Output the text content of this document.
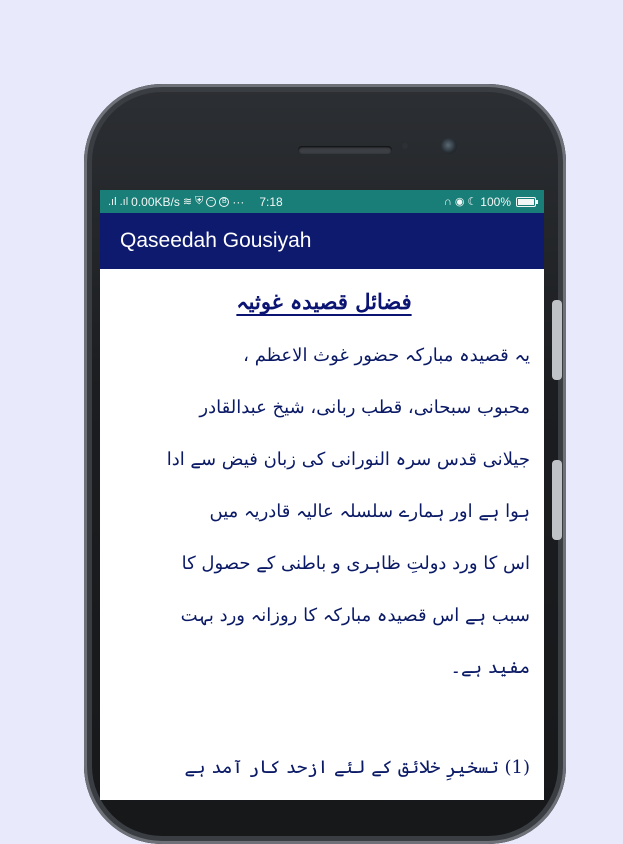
.ıl .ıl 0.00KB/s ≋ ⛨ ~	B ··· 7:18	∩ ◉ ☾ 100%
Qaseedah Gousiyah
فضائل قصیدہ غوثیہ
یہ قصیدہ مبارکہ حضور غوث الاعظم ،
محبوب سبحانی، قطب ربانی، شیخ عبدالقادر
جیلانی قدس سرہ النورانی کی زبان فیض سے ادا
ہوا ہے اور ہمارے سلسلہ عالیہ قادریہ میں
اس کا ورد دولتِ ظاہری و باطنی کے حصول کا
سبب ہے اس قصیدہ مبارکہ کا روزانہ ورد بہت
مفید ہے۔
(1) تسخیرِ خلائق کے لئے ازحد کار آمد ہے
